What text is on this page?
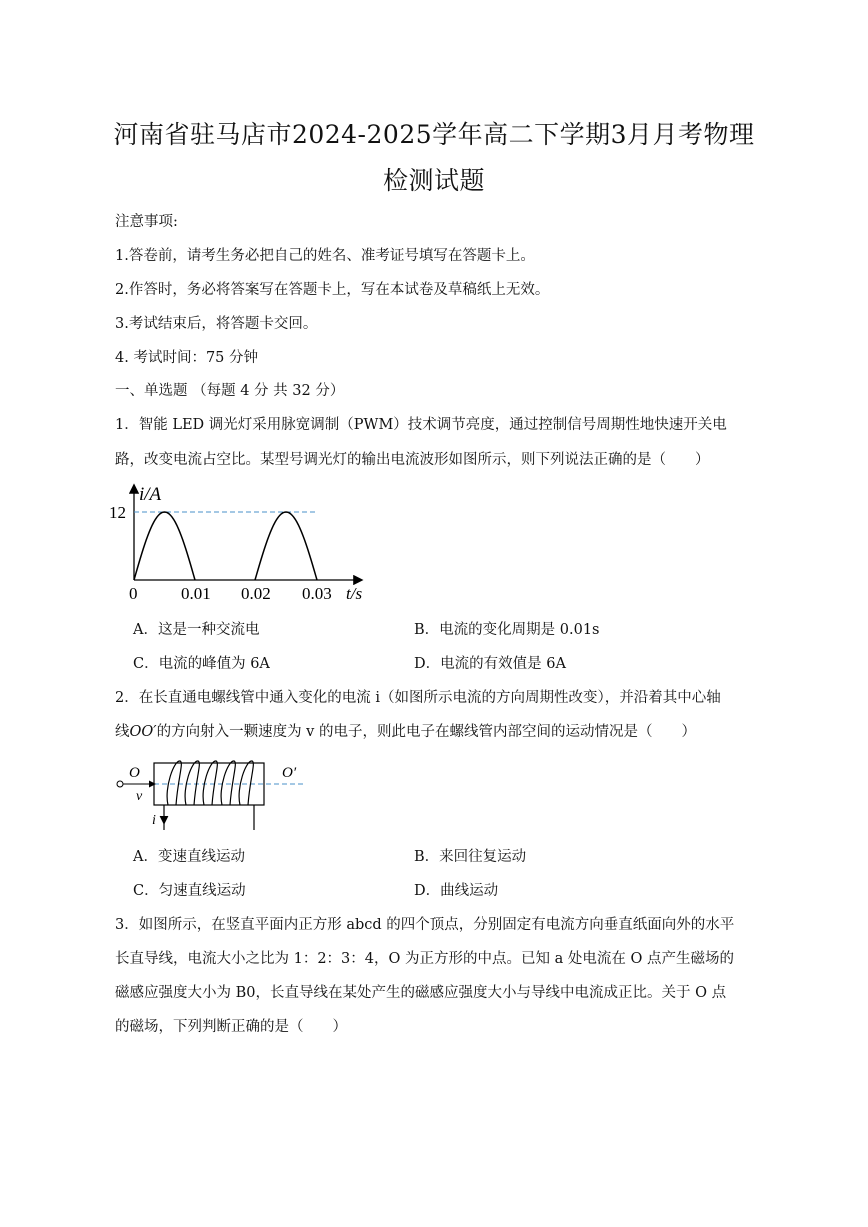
河南省驻马店市2024-2025学年高二下学期3月月考物理
检测试题
注意事项:
1.答卷前，请考生务必把自己的姓名、准考证号填写在答题卡上。
2.作答时，务必将答案写在答题卡上，写在本试卷及草稿纸上无效。
3.考试结束后，将答题卡交回。
4. 考试时间：75 分钟
一、单选题 （每题 4 分 共 32 分）
1．智能 LED 调光灯采用脉宽调制（PWM）技术调节亮度，通过控制信号周期性地快速开关电
路，改变电流占空比。某型号调光灯的输出电流波形如图所示，则下列说法正确的是（　　）
i/A
12
0	0.01 0.02 0.03 t/s
A．这是一种交流电	B．电流的变化周期是 0.01s
C．电流的峰值为 6A	D．电流的有效值是 6A
2．在长直通电螺线管中通入变化的电流 i（如图所示电流的方向周期性改变），并沿着其中心轴
线OO′的方向射入一颗速度为 v 的电子，则此电子在螺线管内部空间的运动情况是（　　）
O
v
O′
i
A．变速直线运动	B．来回往复运动
C．匀速直线运动	D．曲线运动
3．如图所示，在竖直平面内正方形 abcd 的四个顶点，分别固定有电流方向垂直纸面向外的水平
长直导线，电流大小之比为 1：2：3：4，O 为正方形的中点。已知 a 处电流在 O 点产生磁场的
磁感应强度大小为 B0，长直导线在某处产生的磁感应强度大小与导线中电流成正比。关于 O 点
的磁场，下列判断正确的是（　　）
